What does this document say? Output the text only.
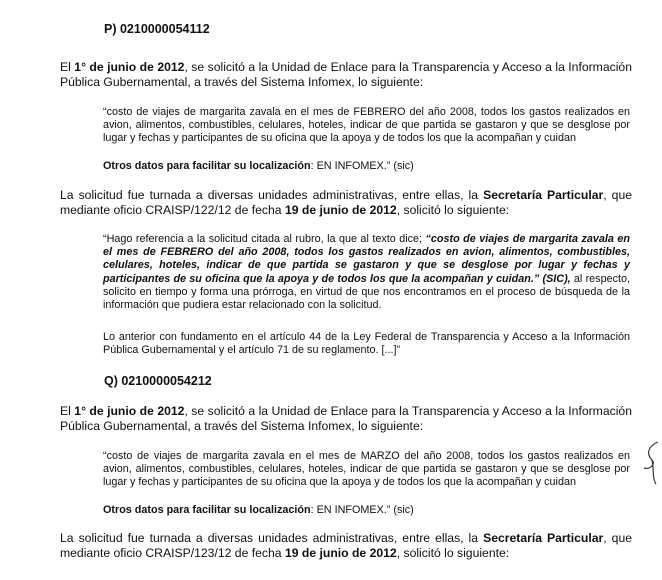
P) 0210000054112
El 1° de junio de 2012, se solicitó a la Unidad de Enlace para la Transparencia y Acceso a la Información Pública Gubernamental, a través del Sistema Infomex, lo siguiente:
“costo de viajes de margarita zavala en el mes de FEBRERO del año 2008, todos los gastos realizados en avion, alimentos, combustibles, celulares, hoteles, indicar de que partida se gastaron y que se desglose por lugar y fechas y participantes de su oficina que la apoya y de todos los que la acompañan y cuidan
Otros datos para facilitar su localización: EN INFOMEX.” (sic)
La solicitud fue turnada a diversas unidades administrativas, entre ellas, la Secretaría Particular, que mediante oficio CRAISP/122/12 de fecha 19 de junio de 2012, solicitó lo siguiente:
“Hago referencia a la solicitud citada al rubro, la que al texto dice; “costo de viajes de margarita zavala en el mes de FEBRERO del año 2008, todos los gastos realizados en avion, alimentos, combustibles, celulares, hoteles, indicar de que partida se gastaron y que se desglose por lugar y fechas y participantes de su oficina que la apoya y de todos los que la acompañan y cuidan.” (SIC), al respecto, solicito en tiempo y forma una prórroga, en virtud de que nos encontramos en el proceso de búsqueda de la información que pudiera estar relacionado con la solicitud.
Lo anterior con fundamento en el artículo 44 de la Ley Federal de Transparencia y Acceso a la Información Pública Gubernamental y el artículo 71 de su reglamento. [...]”
Q) 0210000054212
El 1° de junio de 2012, se solicitó a la Unidad de Enlace para la Transparencia y Acceso a la Información Pública Gubernamental, a través del Sistema Infomex, lo siguiente:
“costo de viajes de margarita zavala en el mes de MARZO del año 2008, todos los gastos realizados en avion, alimentos, combustibles, celulares, hoteles, indicar de que partida se gastaron y que se desglose por lugar y fechas y participantes de su oficina que la apoya y de todos los que la acompañan y cuidan
Otros datos para facilitar su localización: EN INFOMEX.” (sic)
La solicitud fue turnada a diversas unidades administrativas, entre ellas, la Secretaría Particular, que mediante oficio CRAISP/123/12 de fecha 19 de junio de 2012, solicitó lo siguiente:
